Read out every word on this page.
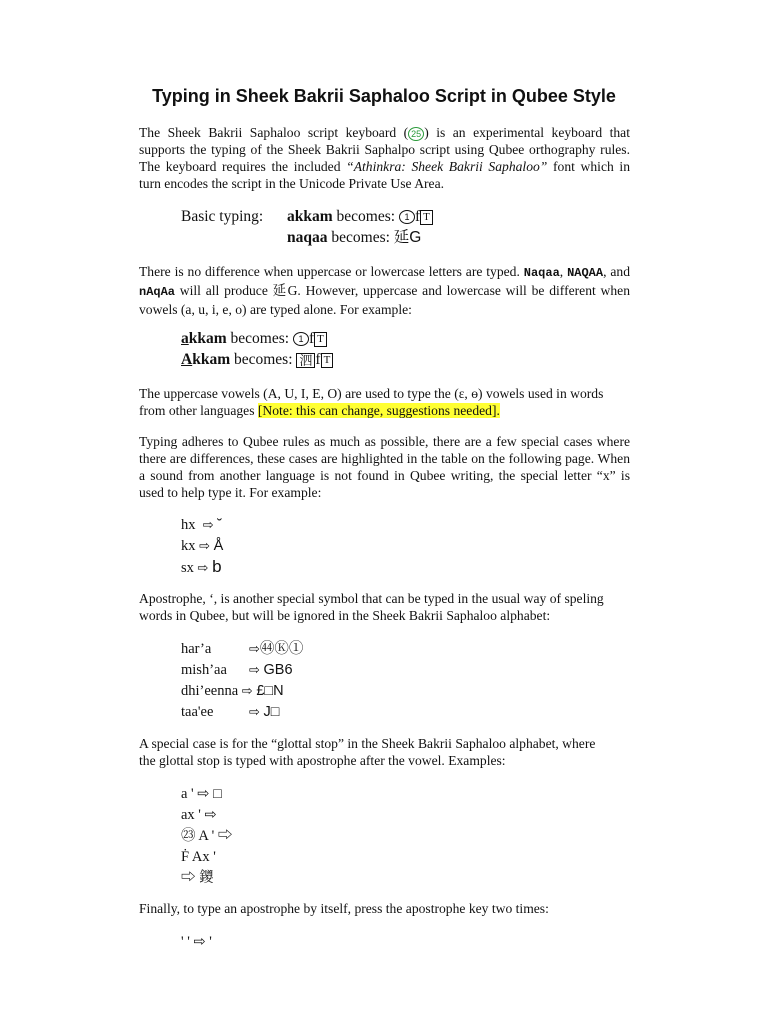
Typing in Sheek Bakrii Saphaloo Script in Qubee Style
The Sheek Bakrii Saphaloo script keyboard ( 25 ) is an experimental keyboard that supports the typing of the Sheek Bakrii Saphalpo script using Qubee orthography rules. The keyboard requires the included “Athinkra: Sheek Bakrii Saphaloo” font which in turn encodes the script in the Unicode Private Use Area.
Basic typing: akkam becomes: 1 f T
naqaa becomes: 延G
There is no difference when uppercase or lowercase letters are typed. Naqaa, NAQAA, and nAqAa will all produce 延G. However, uppercase and lowercase will be different when vowels (a, u, i, e, o) are typed alone. For example:
akkam becomes: 1 f T
Akkam becomes: 泗 f T
The uppercase vowels (A, U, I, E, O) are used to type the (ɛ, ɵ) vowels used in words from other languages [Note: this can change, suggestions needed].
Typing adheres to Qubee rules as much as possible, there are a few special cases where there are differences, these cases are highlighted in the table on the following page. When a sound from another language is not found in Qubee writing, the special letter “x” is used to help type it. For example:
hx ⇨ ˘
kx ⇨ Å
sx ⇨ b
Apostrophe, ‘, is another special symbol that can be typed in the usual way of speling words in Qubee, but will be ignored in the Sheek Bakrii Saphaloo alphabet:
har’a	⇨㊹Ⓚ①
mish’aa ⇨ GB6
dhi’eenna ⇨ £□N
taa'ee	⇨ J□
A special case is for the “glottal stop” in the Sheek Bakrii Saphaloo alphabet, where the glottal stop is typed with apostrophe after the vowel. Examples:
a ' ⇨ □
ax ' ⇨
㉓ A ' ⇨
Ḟ Ax '
⇨ 鑁
Finally, to type an apostrophe by itself, press the apostrophe key two times:
' ' ⇨ '
